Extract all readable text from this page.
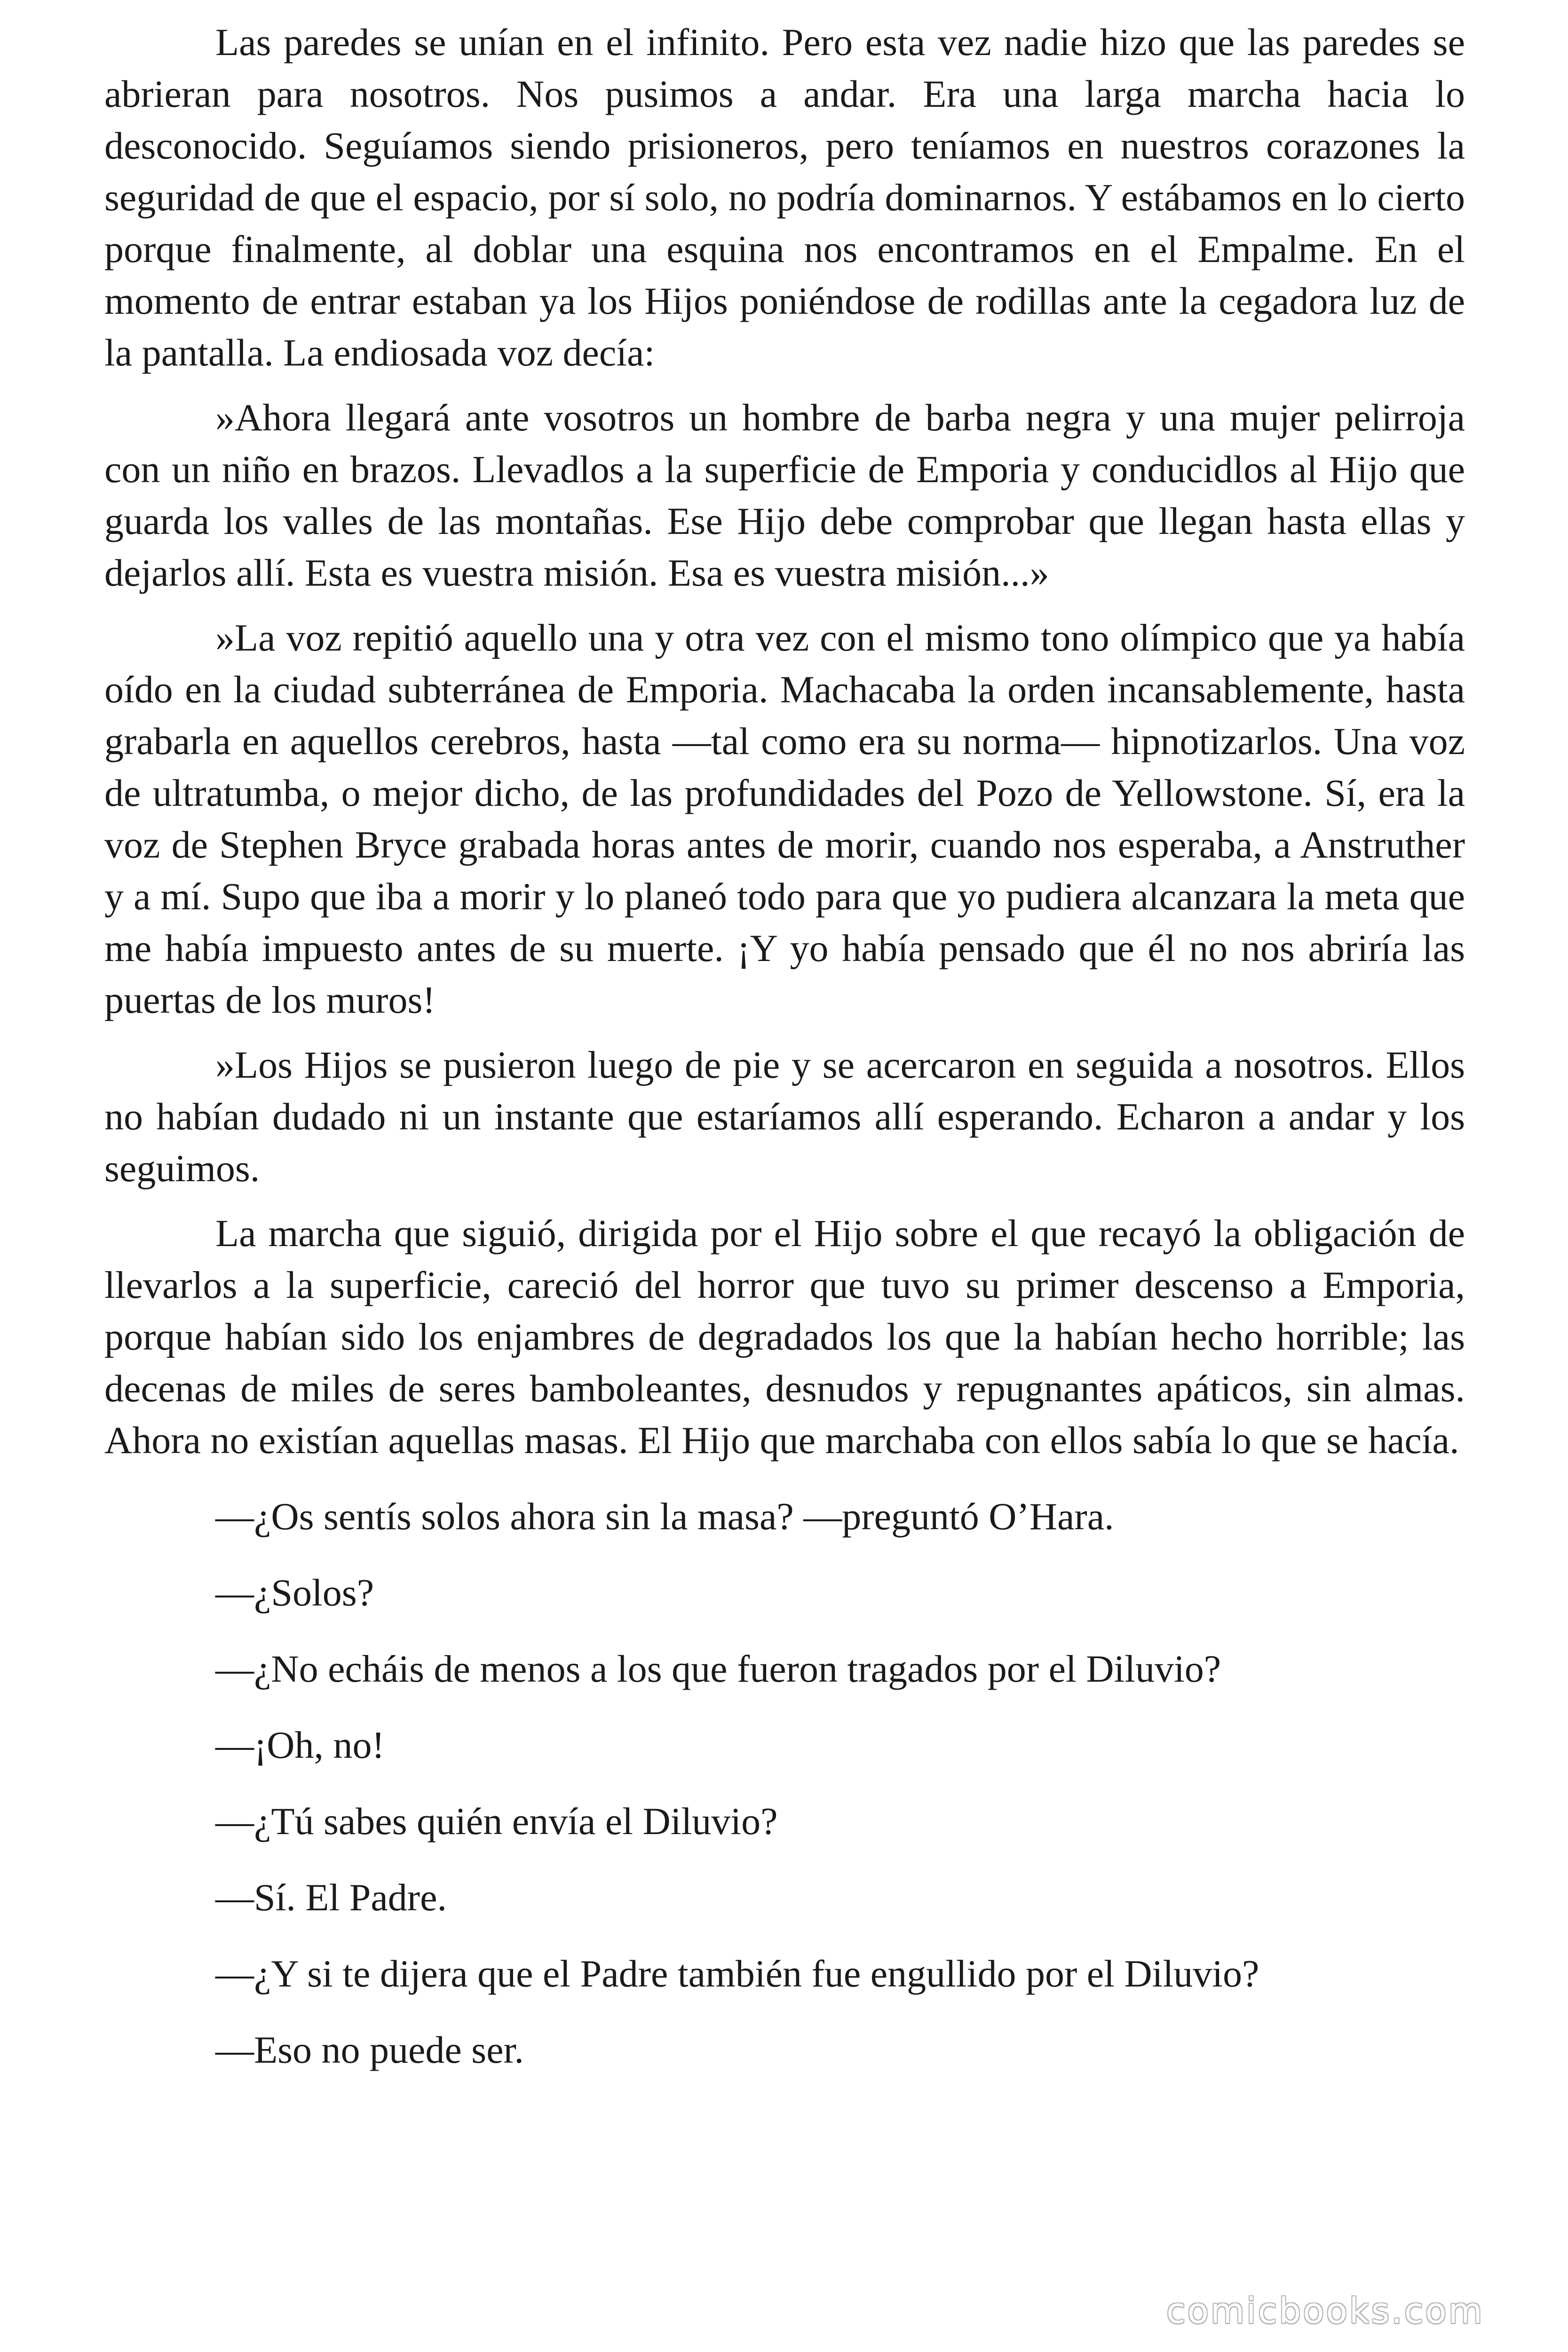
Las paredes se unían en el infinito. Pero esta vez nadie hizo que las paredes se abrieran para nosotros. Nos pusimos a andar. Era una larga marcha hacia lo desconocido. Seguíamos siendo prisioneros, pero teníamos en nuestros corazones la seguridad de que el espacio, por sí solo, no podría dominarnos. Y estábamos en lo cierto porque finalmente, al doblar una esquina nos encontramos en el Empalme. En el momento de entrar estaban ya los Hijos poniéndose de rodillas ante la cegadora luz de la pantalla. La endiosada voz decía:

»Ahora llegará ante vosotros un hombre de barba negra y una mujer pelirroja con un niño en brazos. Llevadlos a la superficie de Emporia y conducidlos al Hijo que guarda los valles de las montañas. Ese Hijo debe comprobar que llegan hasta ellas y dejarlos allí. Esta es vuestra misión. Esa es vuestra misión...»

»La voz repitió aquello una y otra vez con el mismo tono olímpico que ya había oído en la ciudad subterránea de Emporia. Machacaba la orden incansablemente, hasta grabarla en aquellos cerebros, hasta —tal como era su norma— hipnotizarlos. Una voz de ultratumba, o mejor dicho, de las profundidades del Pozo de Yellowstone. Sí, era la voz de Stephen Bryce grabada horas antes de morir, cuando nos esperaba, a Anstruther y a mí. Supo que iba a morir y lo planeó todo para que yo pudiera alcanzara la meta que me había impuesto antes de su muerte. ¡Y yo había pensado que él no nos abriría las puertas de los muros!

»Los Hijos se pusieron luego de pie y se acercaron en seguida a nosotros. Ellos no habían dudado ni un instante que estaríamos allí esperando. Echaron a andar y los seguimos.

La marcha que siguió, dirigida por el Hijo sobre el que recayó la obligación de llevarlos a la superficie, careció del horror que tuvo su primer descenso a Emporia, porque habían sido los enjambres de degradados los que la habían hecho horrible; las decenas de miles de seres bamboleantes, desnudos y repugnantes apáticos, sin almas. Ahora no existían aquellas masas. El Hijo que marchaba con ellos sabía lo que se hacía.

—¿Os sentís solos ahora sin la masa? —preguntó O’Hara.

—¿Solos?

—¿No echáis de menos a los que fueron tragados por el Diluvio?

—¡Oh, no!

—¿Tú sabes quién envía el Diluvio?

—Sí. El Padre.

—¿Y si te dijera que el Padre también fue engullido por el Diluvio?

—Eso no puede ser.

comicbooks.com
